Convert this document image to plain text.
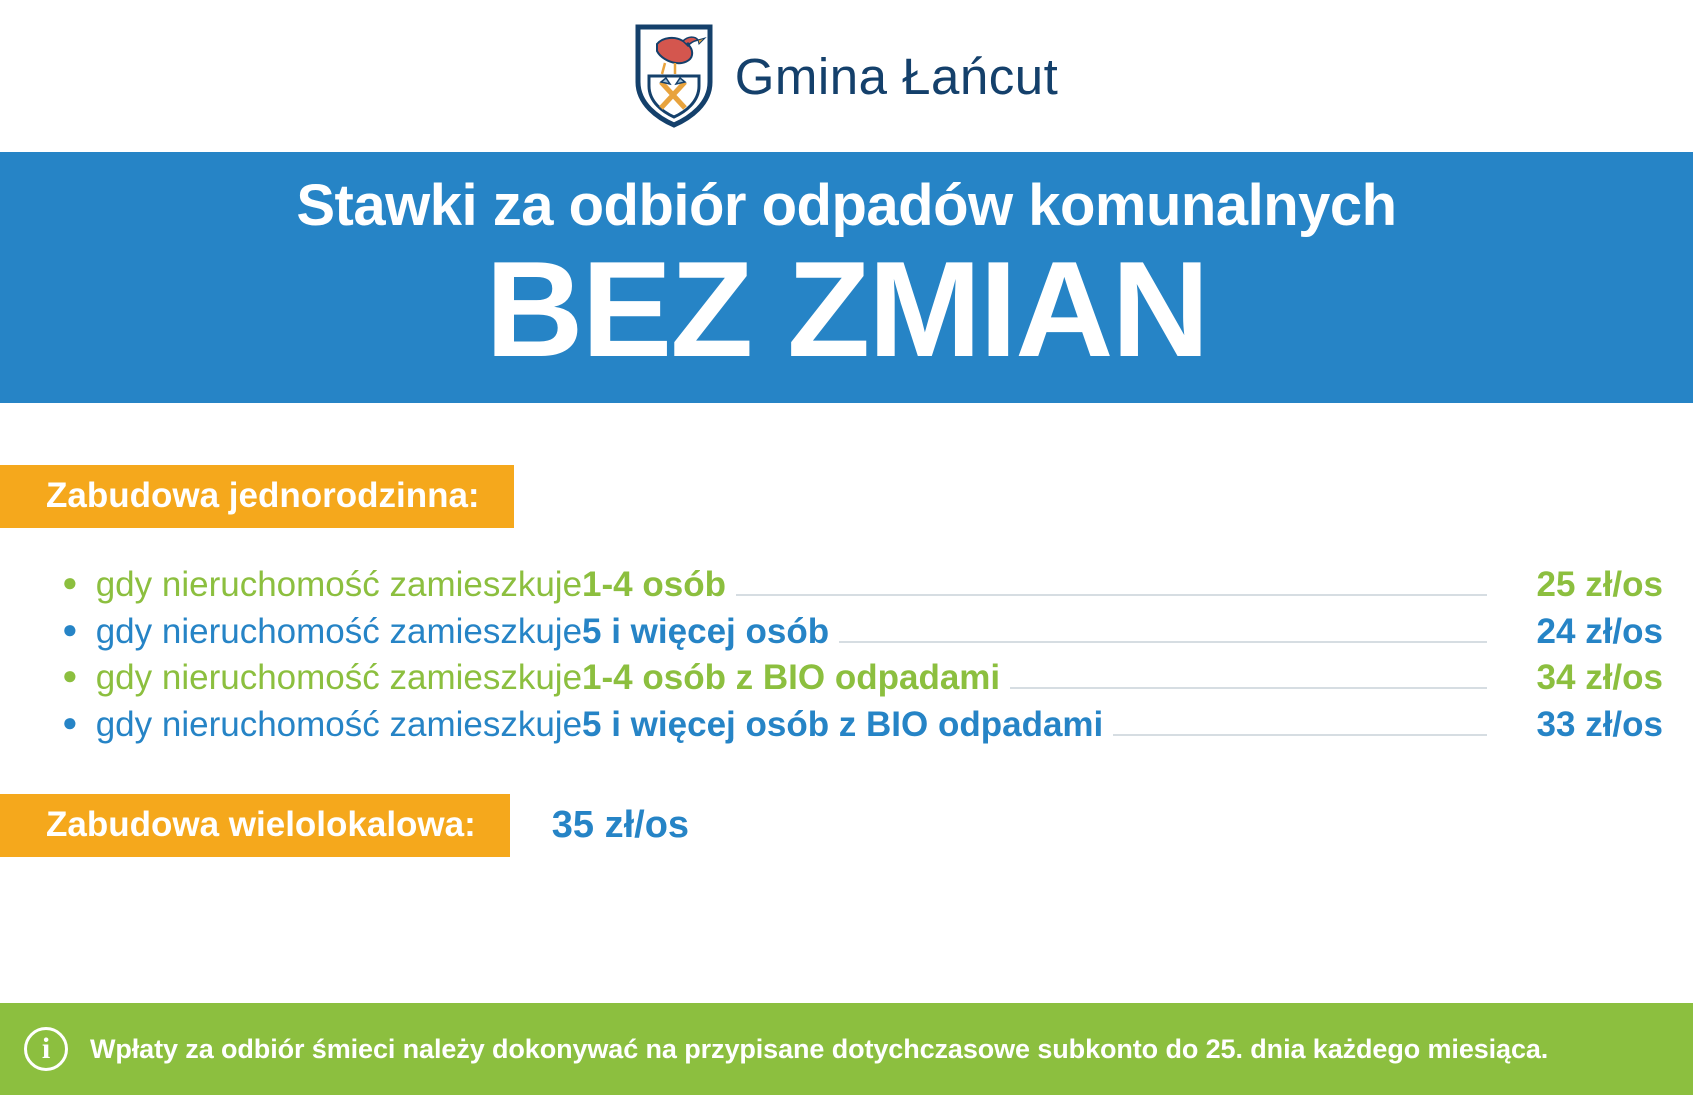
Gmina Łańcut
Stawki za odbiór odpadów komunalnych
BEZ ZMIAN
Zabudowa jednorodzinna:
● gdy nieruchomość zamieszkuje 1-4 osób	25 zł/os
● gdy nieruchomość zamieszkuje 5 i więcej osób	24 zł/os
● gdy nieruchomość zamieszkuje 1-4 osób z BIO odpadami	34 zł/os
● gdy nieruchomość zamieszkuje 5 i więcej osób z BIO odpadami	33 zł/os
Zabudowa wielolokalowa:	35 zł/os
i	Wpłaty za odbiór śmieci należy dokonywać na przypisane dotychczasowe subkonto do 25. dnia każdego miesiąca.
